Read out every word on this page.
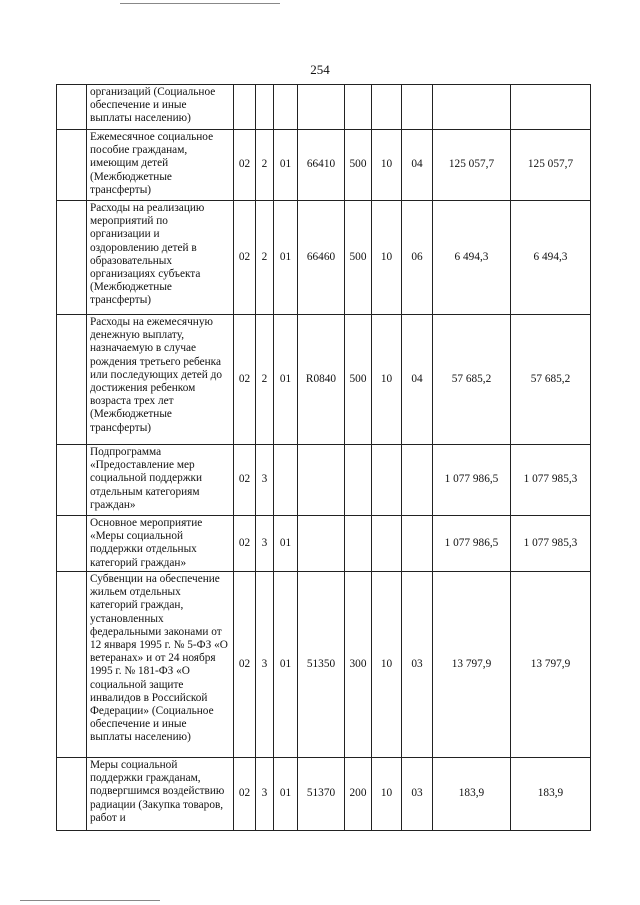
254
	организаций (Социальное обеспечение и иные выплаты населению)									
	Ежемесячное социальное пособие гражданам, имеющим детей (Межбюджетные трансферты)	02	2	01	66410	500	10	04	125 057,7	125 057,7
	Расходы на реализацию мероприятий по организации и оздоровлению детей в образовательных организациях субъекта (Межбюджетные трансферты)	02	2	01	66460	500	10	06	6 494,3	6 494,3
	Расходы на ежемесячную денежную выплату, назначаемую в случае рождения третьего ребенка или последующих детей до достижения ребенком возраста трех лет (Межбюджетные трансферты)	02	2	01	R0840	500	10	04	57 685,2	57 685,2
	Подпрограмма «Предоставление мер социальной поддержки отдельным категориям граждан»	02	3						1 077 986,5	1 077 985,3
	Основное мероприятие «Меры социальной поддержки отдельных категорий граждан»	02	3	01					1 077 986,5	1 077 985,3
	Субвенции на обеспечение жильем отдельных категорий граждан, установленных федеральными законами от 12 января 1995 г. № 5-ФЗ «О ветеранах» и от 24 ноября 1995 г. № 181-ФЗ «О социальной защите инвалидов в Российской Федерации» (Социальное обеспечение и иные выплаты населению)	02	3	01	51350	300	10	03	13 797,9	13 797,9
	Меры социальной поддержки гражданам, подвергшимся воздействию радиации (Закупка товаров, работ и	02	3	01	51370	200	10	03	183,9	183,9
